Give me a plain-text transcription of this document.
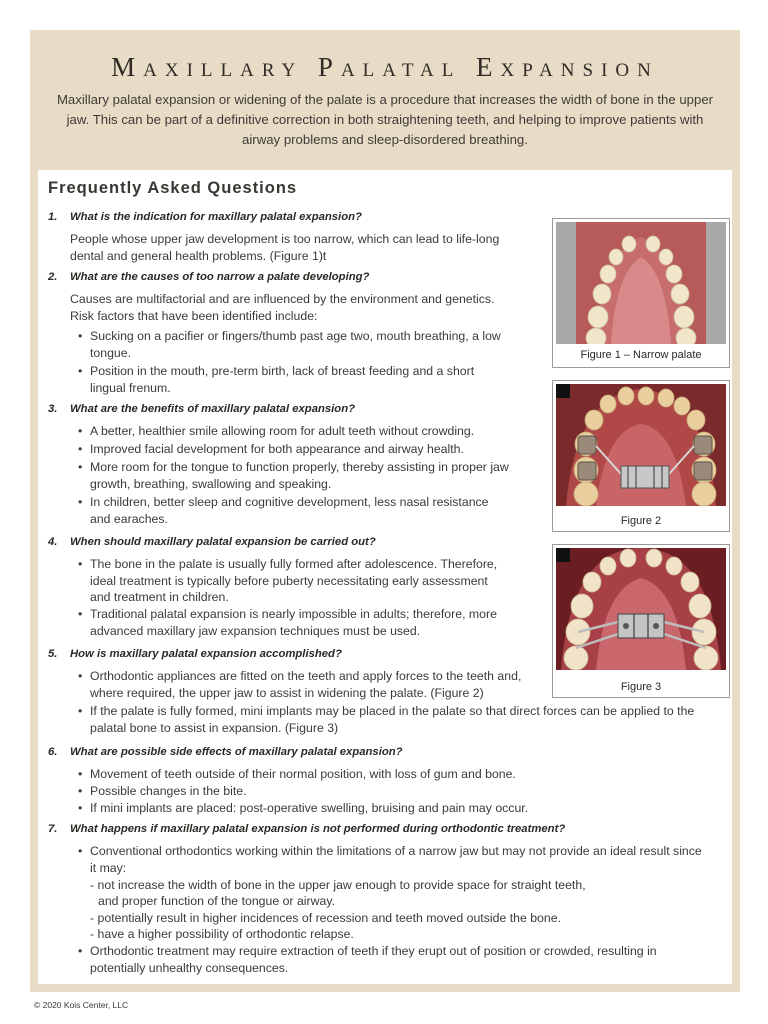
Maxillary Palatal Expansion
Maxillary palatal expansion or widening of the palate is a procedure that increases the width of bone in the upper jaw. This can be part of a definitive correction in both straightening teeth, and helping to improve patients with airway problems and sleep-disordered breathing.
Frequently Asked Questions
1. What is the indication for maxillary palatal expansion?
People whose upper jaw development is too narrow, which can lead to life-long dental and general health problems. (Figure 1)t
2. What are the causes of too narrow a palate developing?
Causes are multifactorial and are influenced by the environment and genetics. Risk factors that have been identified include:
• Sucking on a pacifier or fingers/thumb past age two, mouth breathing, a low tongue.
• Position in the mouth, pre-term birth, lack of breast feeding and a short lingual frenum.
3. What are the benefits of maxillary palatal expansion?
• A better, healthier smile allowing room for adult teeth without crowding.
• Improved facial development for both appearance and airway health.
• More room for the tongue to function properly, thereby assisting in proper jaw growth, breathing, swallowing and speaking.
• In children, better sleep and cognitive development, less nasal resistance and earaches.
4. When should maxillary palatal expansion be carried out?
• The bone in the palate is usually fully formed after adolescence. Therefore, ideal treatment is typically before puberty necessitating early assessment and treatment in children.
• Traditional palatal expansion is nearly impossible in adults; therefore, more advanced maxillary jaw expansion techniques must be used.
5. How is maxillary palatal expansion accomplished?
• Orthodontic appliances are fitted on the teeth and apply forces to the teeth and, where required, the upper jaw to assist in widening the palate. (Figure 2)
• If the palate is fully formed, mini implants may be placed in the palate so that direct forces can be applied to the palatal bone to assist in expansion. (Figure 3)
6. What are possible side effects of maxillary palatal expansion?
• Movement of teeth outside of their normal position, with loss of gum and bone.
• Possible changes in the bite.
• If mini implants are placed: post-operative swelling, bruising and pain may occur.
7. What happens if maxillary palatal expansion is not performed during orthodontic treatment?
• Conventional orthodontics working within the limitations of a narrow jaw but may not provide an ideal result since it may:
- not increase the width of bone in the upper jaw enough to provide space for straight teeth,
and proper function of the tongue or airway.
- potentially result in higher incidences of recession and teeth moved outside the bone.
- have a higher possibility of orthodontic relapse.
• Orthodontic treatment may require extraction of teeth if they erupt out of position or crowded, resulting in potentially unhealthy consequences.
Figure 1 – Narrow palate
Figure 2
Figure 3
© 2020 Kois Center, LLC
